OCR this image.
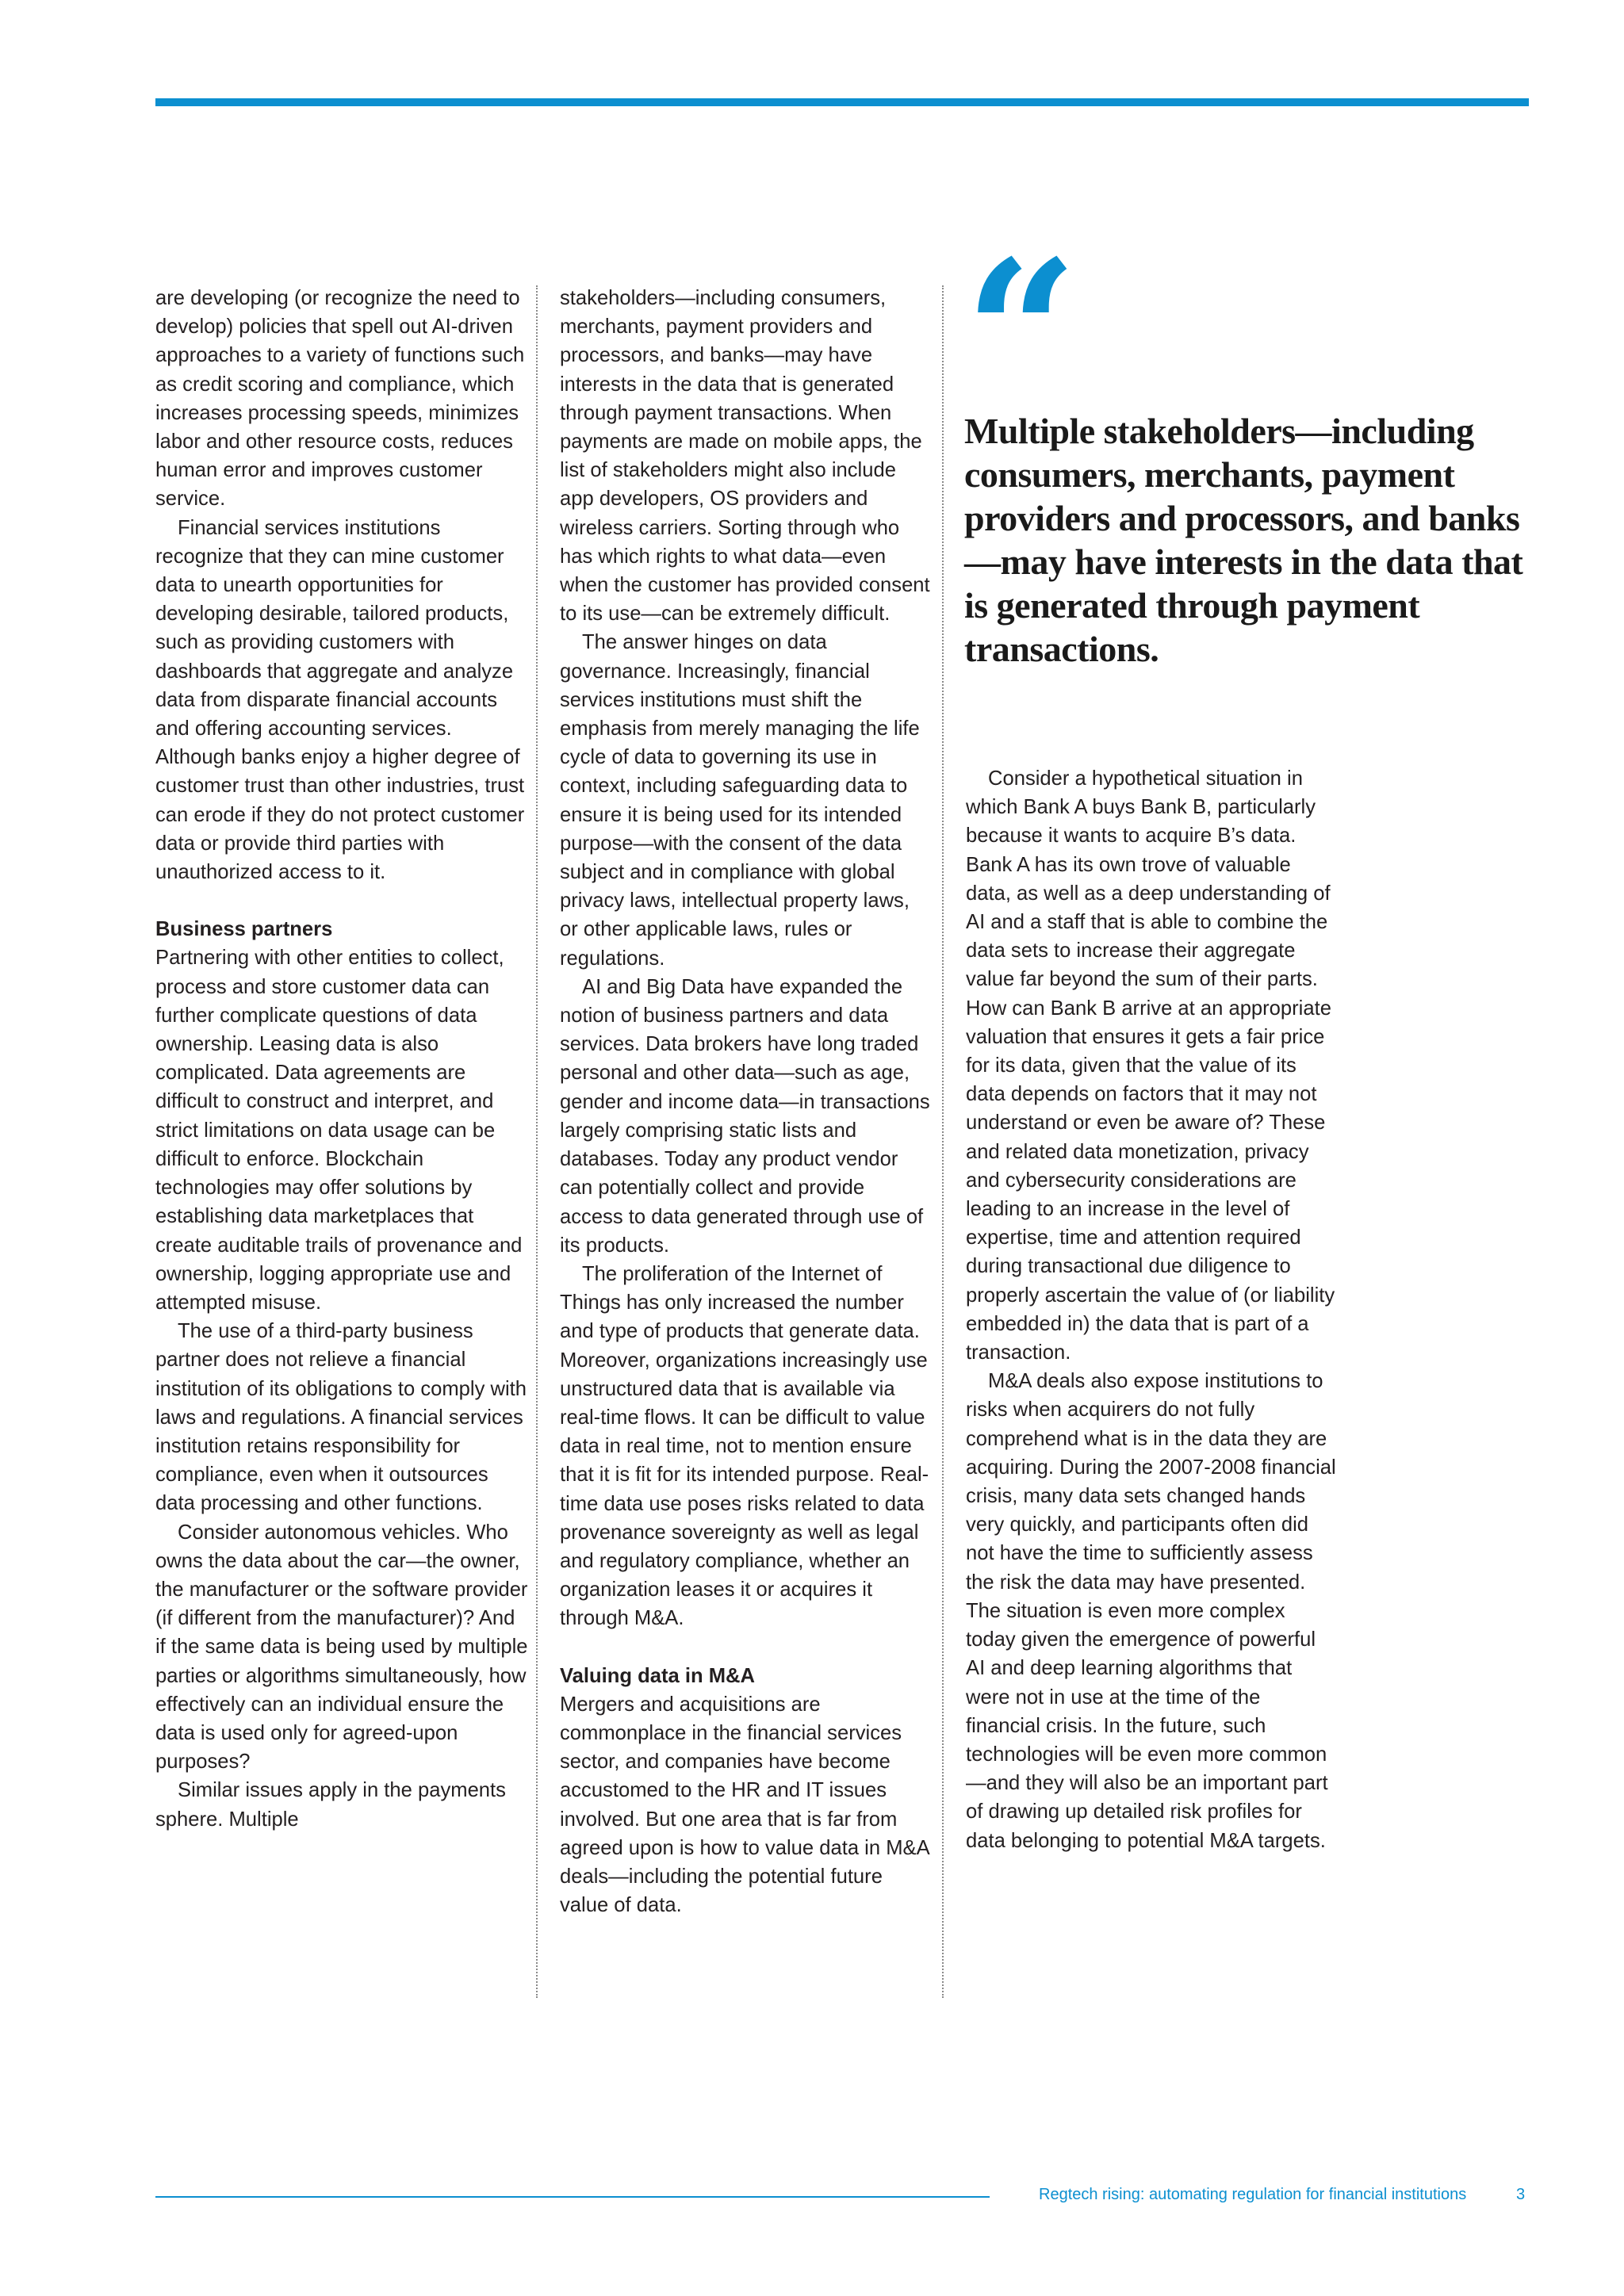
are developing (or recognize the need to develop) policies that spell out AI-driven approaches to a variety of functions such as credit scoring and compliance, which increases processing speeds, minimizes labor and other resource costs, reduces human error and improves customer service.

Financial services institutions recognize that they can mine customer data to unearth opportunities for developing desirable, tailored products, such as providing customers with dashboards that aggregate and analyze data from disparate financial accounts and offering accounting services. Although banks enjoy a higher degree of customer trust than other industries, trust can erode if they do not protect customer data or provide third parties with unauthorized access to it.

Business partners

Partnering with other entities to collect, process and store customer data can further complicate questions of data ownership. Leasing data is also complicated. Data agreements are difficult to construct and interpret, and strict limitations on data usage can be difficult to enforce. Blockchain technologies may offer solutions by establishing data marketplaces that create auditable trails of provenance and ownership, logging appropriate use and attempted misuse.

The use of a third-party business partner does not relieve a financial institution of its obligations to comply with laws and regulations. A financial services institution retains responsibility for compliance, even when it outsources data processing and other functions.

Consider autonomous vehicles. Who owns the data about the car—the owner, the manufacturer or the software provider (if different from the manufacturer)? And if the same data is being used by multiple parties or algorithms simultaneously, how effectively can an individual ensure the data is used only for agreed-upon purposes?

Similar issues apply in the payments sphere. Multiple

stakeholders—including consumers, merchants, payment providers and processors, and banks—may have interests in the data that is generated through payment transactions. When payments are made on mobile apps, the list of stakeholders might also include app developers, OS providers and wireless carriers. Sorting through who has which rights to what data—even when the customer has provided consent to its use—can be extremely difficult.

The answer hinges on data governance. Increasingly, financial services institutions must shift the emphasis from merely managing the life cycle of data to governing its use in context, including safeguarding data to ensure it is being used for its intended purpose—with the consent of the data subject and in compliance with global privacy laws, intellectual property laws, or other applicable laws, rules or regulations.

AI and Big Data have expanded the notion of business partners and data services. Data brokers have long traded personal and other data—such as age, gender and income data—in transactions largely comprising static lists and databases. Today any product vendor can potentially collect and provide access to data generated through use of its products.

The proliferation of the Internet of Things has only increased the number and type of products that generate data. Moreover, organizations increasingly use unstructured data that is available via real-time flows. It can be difficult to value data in real time, not to mention ensure that it is fit for its intended purpose. Real-time data use poses risks related to data provenance sovereignty as well as legal and regulatory compliance, whether an organization leases it or acquires it through M&A.

Valuing data in M&A

Mergers and acquisitions are commonplace in the financial services sector, and companies have become accustomed to the HR and IT issues involved. But one area that is far from agreed upon is how to value data in M&A deals—including the potential future value of data.

“

Multiple stakeholders—including consumers, merchants, payment providers and processors, and banks—may have interests in the data that is generated through payment transactions.

Consider a hypothetical situation in which Bank A buys Bank B, particularly because it wants to acquire B’s data. Bank A has its own trove of valuable data, as well as a deep understanding of AI and a staff that is able to combine the data sets to increase their aggregate value far beyond the sum of their parts. How can Bank B arrive at an appropriate valuation that ensures it gets a fair price for its data, given that the value of its data depends on factors that it may not understand or even be aware of? These and related data monetization, privacy and cybersecurity considerations are leading to an increase in the level of expertise, time and attention required during transactional due diligence to properly ascertain the value of (or liability embedded in) the data that is part of a transaction.

M&A deals also expose institutions to risks when acquirers do not fully comprehend what is in the data they are acquiring. During the 2007-2008 financial crisis, many data sets changed hands very quickly, and participants often did not have the time to sufficiently assess the risk the data may have presented. The situation is even more complex today given the emergence of powerful AI and deep learning algorithms that were not in use at the time of the financial crisis. In the future, such technologies will be even more common—and they will also be an important part of drawing up detailed risk profiles for data belonging to potential M&A targets.

Regtech rising: automating regulation for financial institutions	3
